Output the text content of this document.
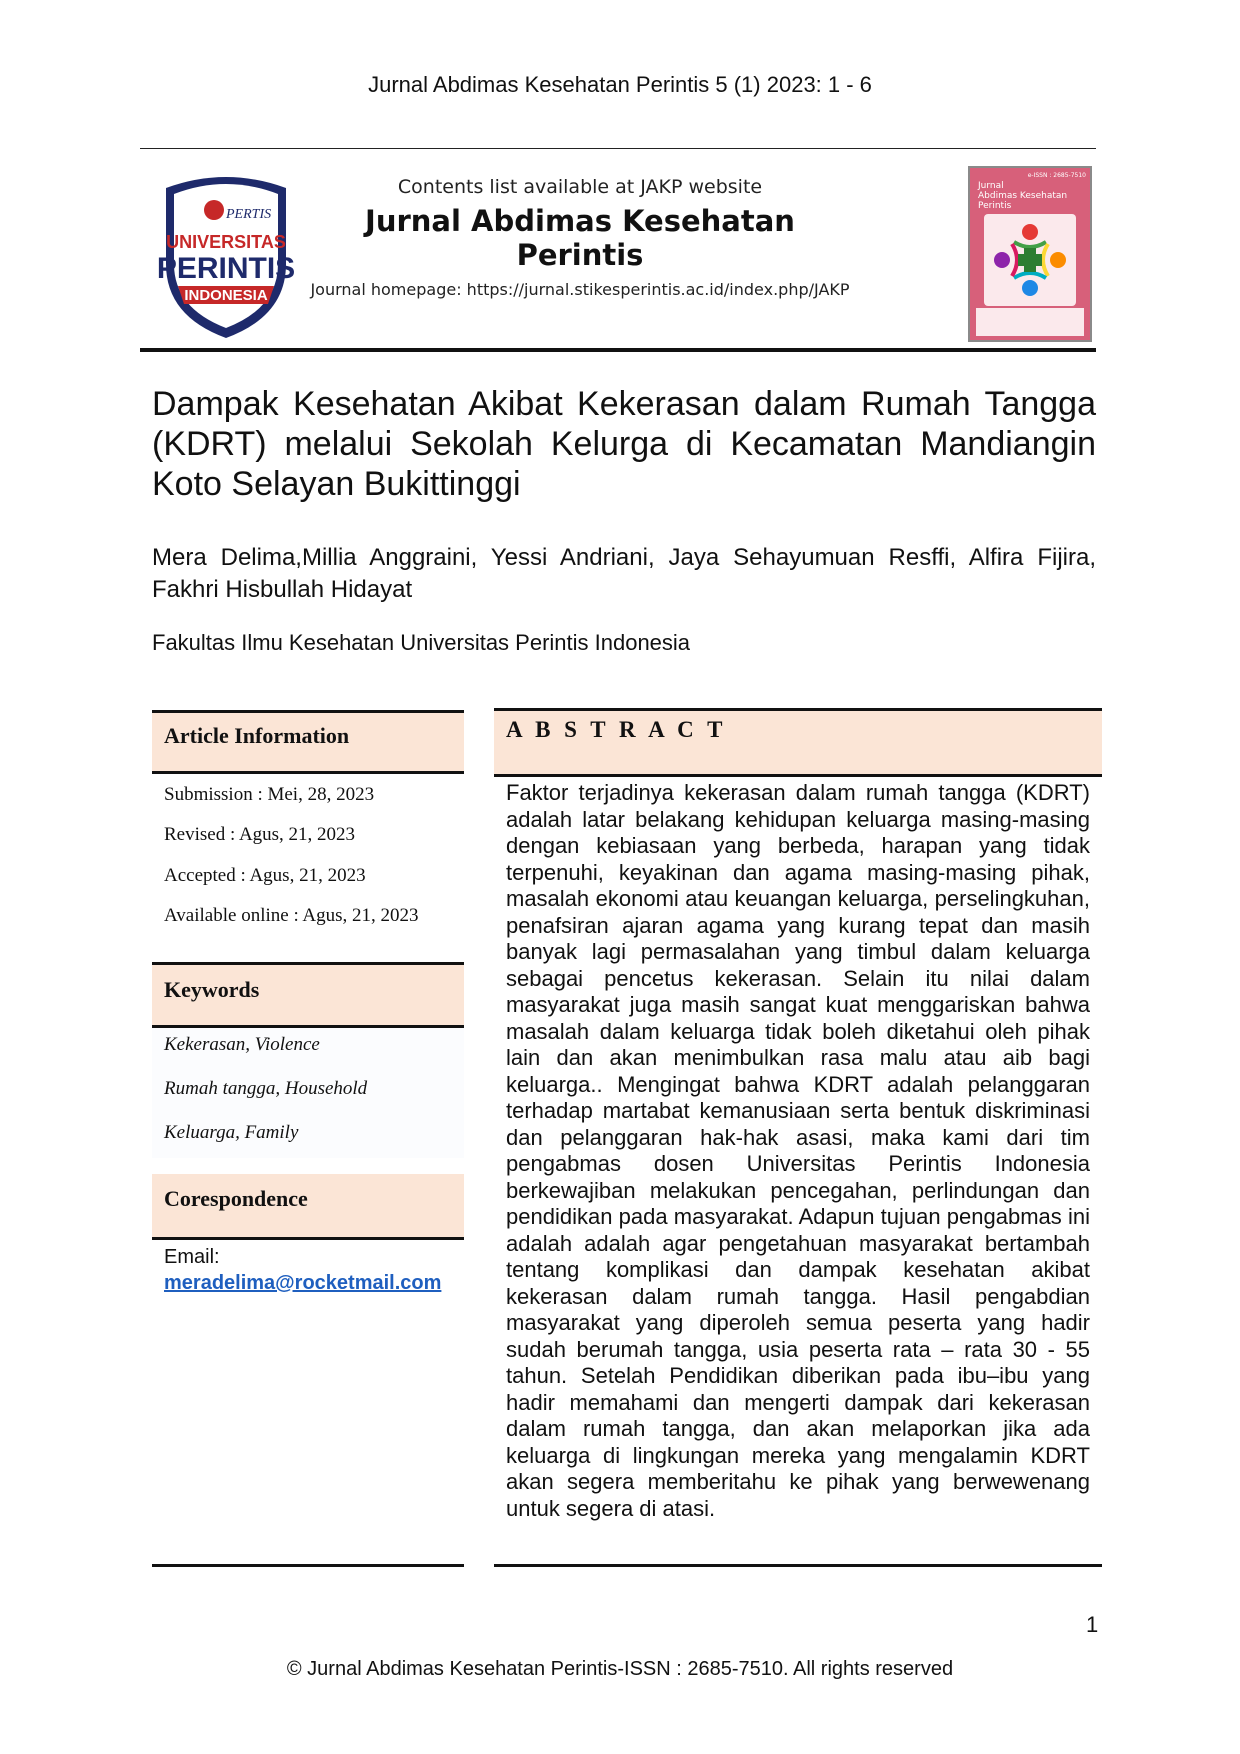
Jurnal Abdimas Kesehatan Perintis 5 (1) 2023: 1 - 6
PERTIS
UNIVERSITAS
PERINTIS
INDONESIA
Contents list available at JAKP website
Jurnal Abdimas Kesehatan Perintis
Journal homepage: https://jurnal.stikesperintis.ac.id/index.php/JAKP
e-ISSN : 2685-7510
Jurnal
Abdimas Kesehatan Perintis
Dampak Kesehatan Akibat Kekerasan dalam Rumah Tangga (KDRT) melalui Sekolah Kelurga di Kecamatan Mandiangin Koto Selayan Bukittinggi
Mera Delima,Millia Anggraini, Yessi Andriani, Jaya Sehayumuan Resffi, Alfira Fijira, Fakhri Hisbullah Hidayat
Fakultas Ilmu Kesehatan Universitas Perintis Indonesia
Article Information
Submission : Mei, 28, 2023
Revised : Agus, 21, 2023
Accepted : Agus, 21, 2023
Available online : Agus, 21, 2023
Keywords
Kekerasan, Violence
Rumah tangga, Household
Keluarga, Family
Corespondence
Email:
meradelima@rocketmail.com
A B S T R A C T
Faktor terjadinya kekerasan dalam rumah tangga (KDRT) adalah latar belakang kehidupan keluarga masing-masing dengan kebiasaan yang berbeda, harapan yang tidak terpenuhi, keyakinan dan agama masing-masing pihak, masalah ekonomi atau keuangan keluarga, perselingkuhan, penafsiran ajaran agama yang kurang tepat dan masih banyak lagi permasalahan yang timbul dalam keluarga sebagai pencetus kekerasan. Selain itu nilai dalam masyarakat juga masih sangat kuat menggariskan bahwa masalah dalam keluarga tidak boleh diketahui oleh pihak lain dan akan menimbulkan rasa malu atau aib bagi keluarga.. Mengingat bahwa KDRT adalah pelanggaran terhadap martabat kemanusiaan serta bentuk diskriminasi dan pelanggaran hak-hak asasi, maka kami dari tim pengabmas dosen Universitas Perintis Indonesia berkewajiban melakukan pencegahan, perlindungan dan pendidikan pada masyarakat. Adapun tujuan pengabmas ini adalah adalah agar pengetahuan masyarakat bertambah tentang komplikasi dan dampak kesehatan akibat kekerasan dalam rumah tangga. Hasil pengabdian masyarakat yang diperoleh semua peserta yang hadir sudah berumah tangga, usia peserta rata – rata 30 - 55 tahun. Setelah Pendidikan diberikan pada ibu–ibu yang hadir memahami dan mengerti dampak dari kekerasan dalam rumah tangga, dan akan melaporkan jika ada keluarga di lingkungan mereka yang mengalamin KDRT akan segera memberitahu ke pihak yang berwewenang untuk segera di atasi.
1
© Jurnal Abdimas Kesehatan Perintis-ISSN : 2685-7510. All rights reserved
